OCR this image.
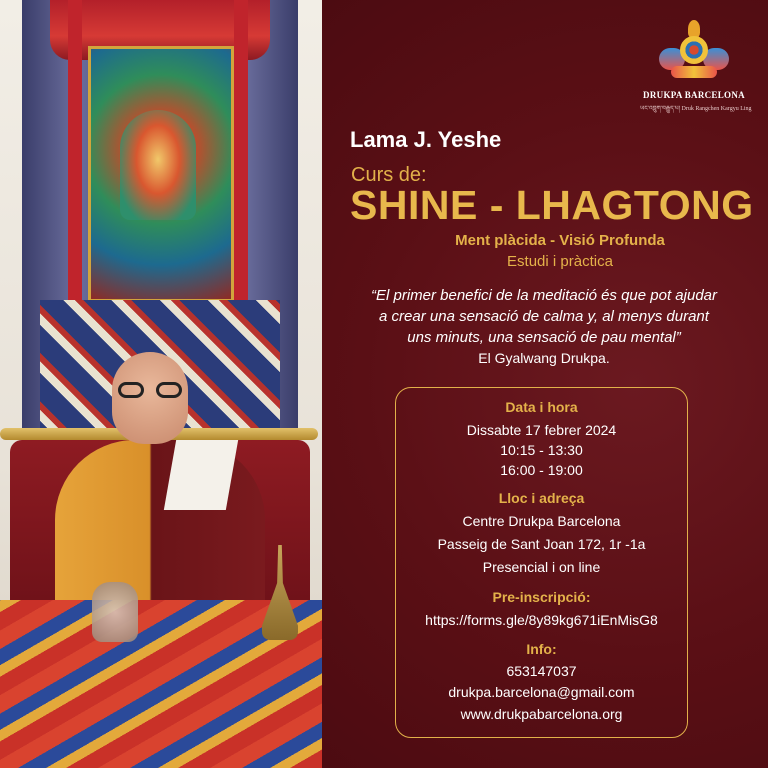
DRUKPA BARCELONA
ཡང་འབྲུག་བརྒྱུད་པ། Druk Rangchen Kargyu Ling
Lama J. Yeshe
Curs de:
SHINE - LHAGTONG
Ment plàcida - Visió Profunda
Estudi i pràctica
“El primer benefici de la meditació és que pot ajudar
a crear una sensació de calma y, al menys durant
uns minuts, una sensació de pau mental”
El Gyalwang Drukpa.
Data i hora
Dissabte 17 febrer 2024
10:15 - 13:30
16:00 - 19:00
Lloc i adreça
Centre Drukpa Barcelona
Passeig de Sant Joan 172, 1r -1a
Presencial i on line
Pre-inscripció:
https://forms.gle/8y89kg671iEnMisG8
Info:
653147037
drukpa.barcelona@gmail.com
www.drukpabarcelona.org
